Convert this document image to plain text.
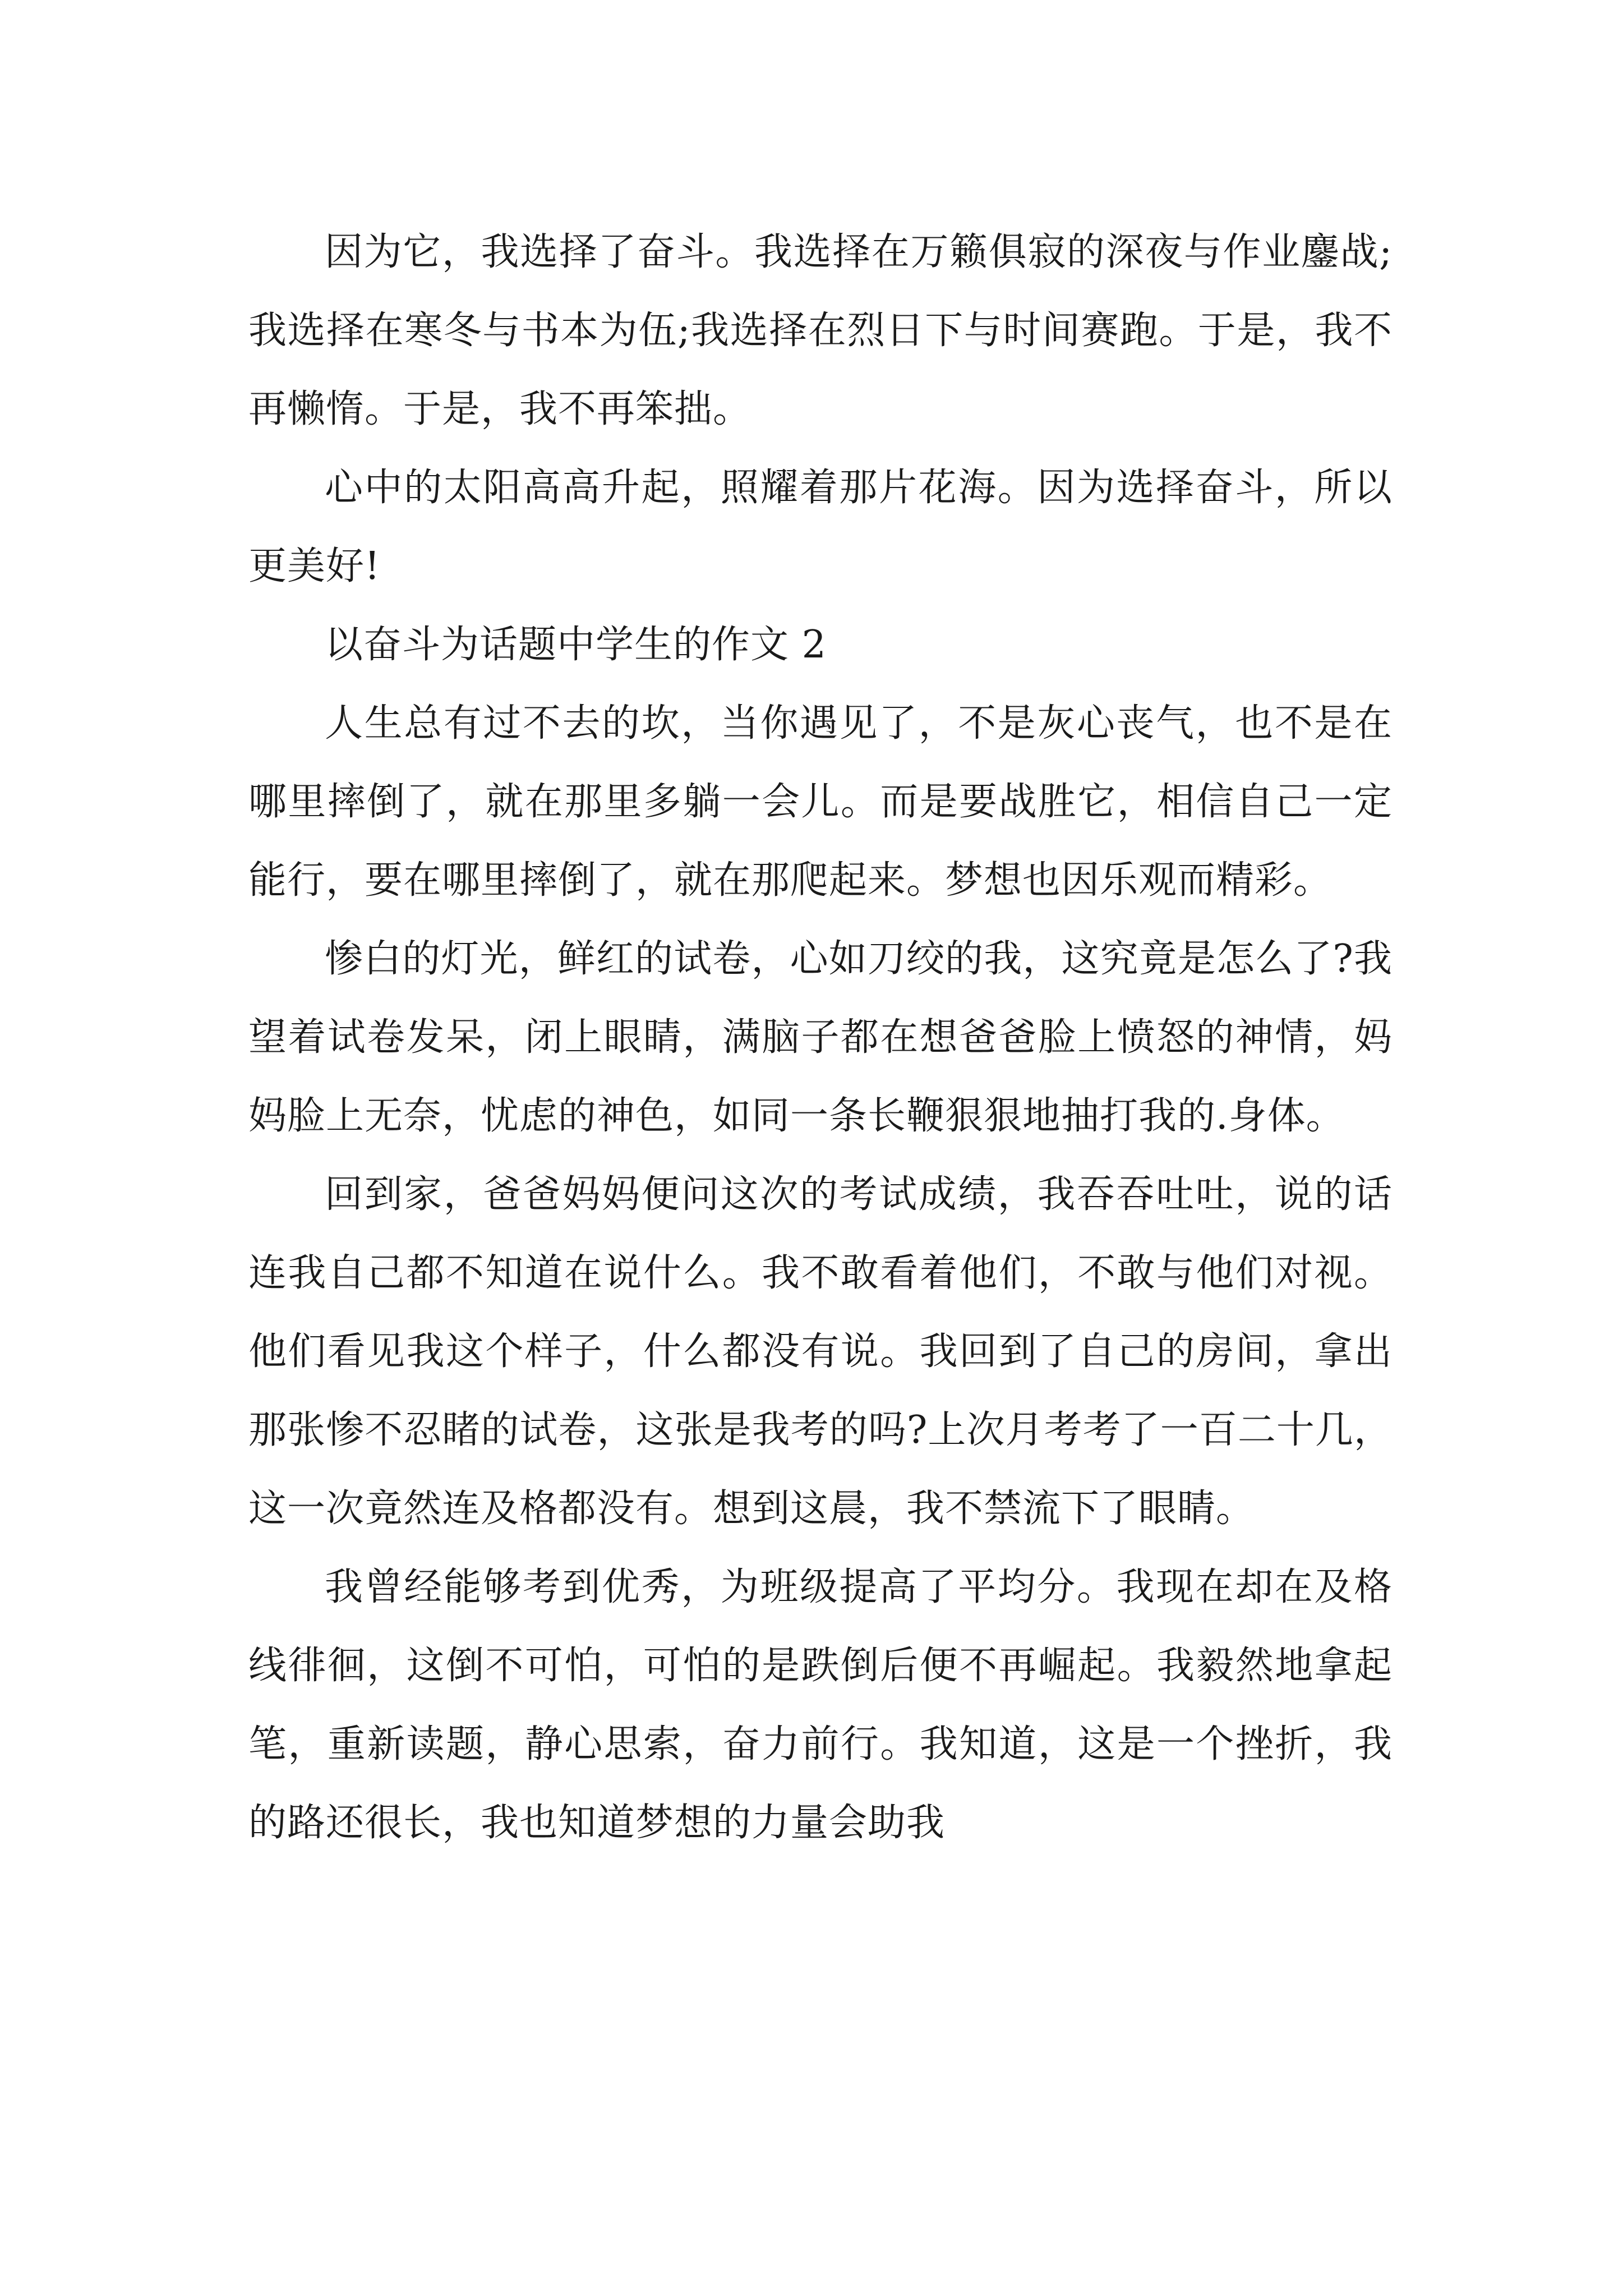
因为它，我选择了奋斗。我选择在万籁俱寂的深夜与作业鏖战;我选择在寒冬与书本为伍;我选择在烈日下与时间赛跑。于是，我不再懒惰。于是，我不再笨拙。

心中的太阳高高升起，照耀着那片花海。因为选择奋斗，所以更美好!

以奋斗为话题中学生的作文 2

人生总有过不去的坎，当你遇见了，不是灰心丧气，也不是在哪里摔倒了，就在那里多躺一会儿。而是要战胜它，相信自己一定能行，要在哪里摔倒了，就在那爬起来。梦想也因乐观而精彩。

惨白的灯光，鲜红的试卷，心如刀绞的我，这究竟是怎么了?我望着试卷发呆，闭上眼睛，满脑子都在想爸爸脸上愤怒的神情，妈妈脸上无奈，忧虑的神色，如同一条长鞭狠狠地抽打我的.身体。

回到家，爸爸妈妈便问这次的考试成绩，我吞吞吐吐，说的话连我自己都不知道在说什么。我不敢看着他们，不敢与他们对视。他们看见我这个样子，什么都没有说。我回到了自己的房间，拿出那张惨不忍睹的试卷，这张是我考的吗?上次月考考了一百二十几，这一次竟然连及格都没有。想到这晨，我不禁流下了眼睛。

我曾经能够考到优秀，为班级提高了平均分。我现在却在及格线徘徊，这倒不可怕，可怕的是跌倒后便不再崛起。我毅然地拿起笔，重新读题，静心思索，奋力前行。我知道，这是一个挫折，我的路还很长，我也知道梦想的力量会助我
